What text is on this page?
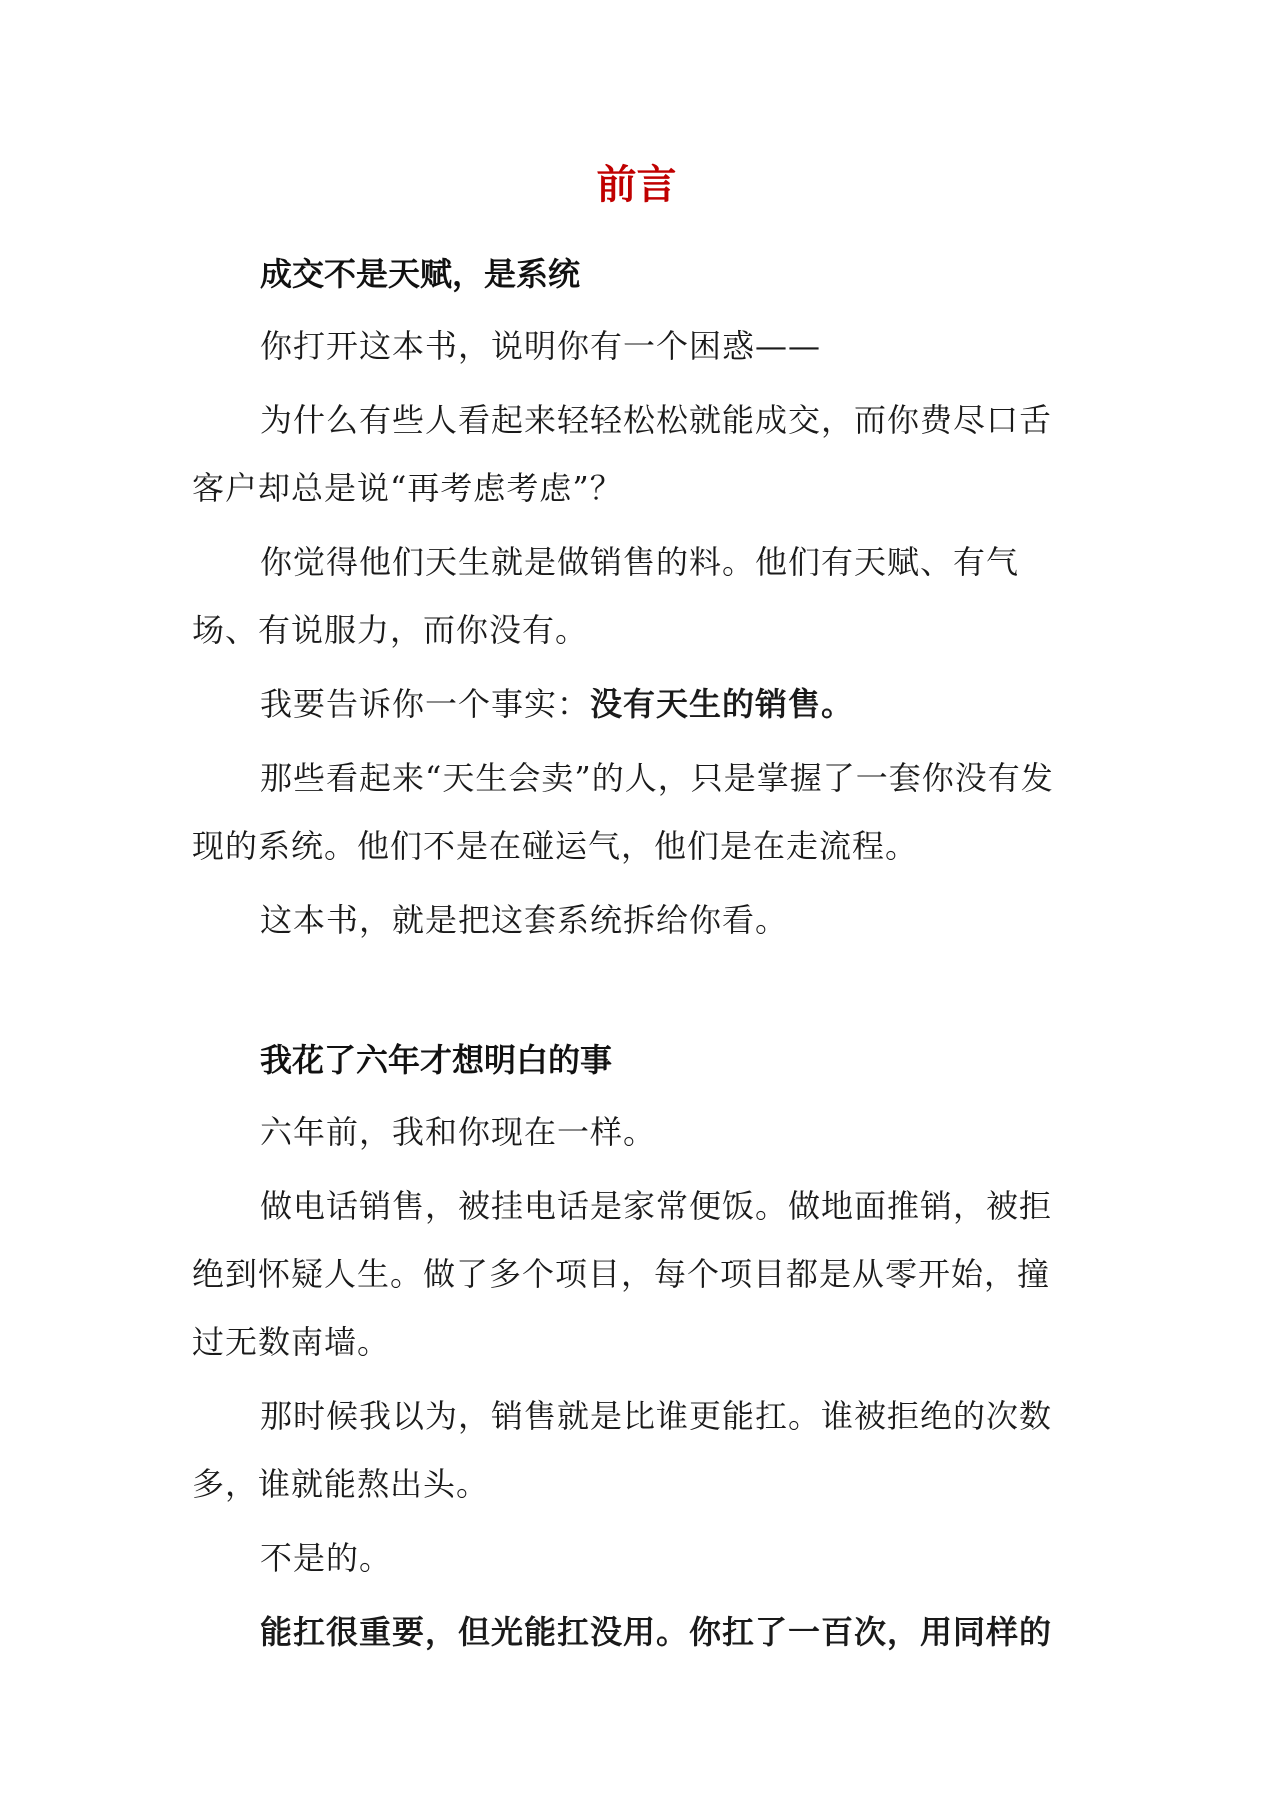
前言
成交不是天赋，是系统

你打开这本书，说明你有一个困惑——

为什么有些人看起来轻轻松松就能成交，而你费尽口舌客户却总是说“再考虑考虑”？

你觉得他们天生就是做销售的料。他们有天赋、有气场、有说服力，而你没有。

我要告诉你一个事实：没有天生的销售。

那些看起来“天生会卖”的人，只是掌握了一套你没有发现的系统。他们不是在碰运气，他们是在走流程。

这本书，就是把这套系统拆给你看。

我花了六年才想明白的事

六年前，我和你现在一样。

做电话销售，被挂电话是家常便饭。做地面推销，被拒绝到怀疑人生。做了多个项目，每个项目都是从零开始，撞过无数南墙。

那时候我以为，销售就是比谁更能扛。谁被拒绝的次数多，谁就能熬出头。

不是的。

能扛很重要，但光能扛没用。你扛了一百次，用同样的
